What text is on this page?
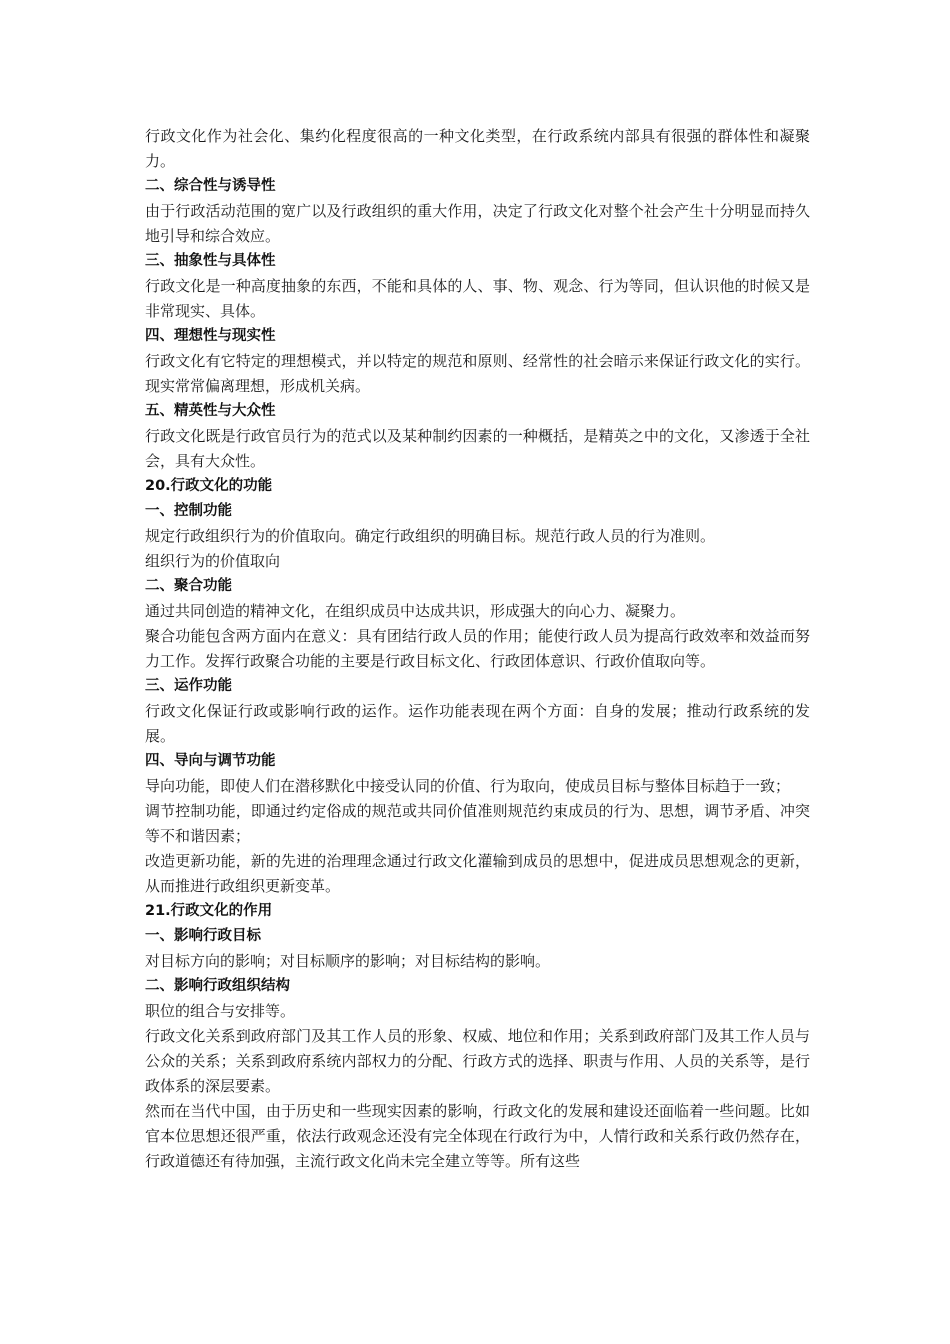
行政文化作为社会化、集约化程度很高的一种文化类型，在行政系统内部具有很强的群体性和凝聚力。

二、综合性与诱导性

由于行政活动范围的宽广以及行政组织的重大作用，决定了行政文化对整个社会产生十分明显而持久地引导和综合效应。

三、抽象性与具体性

行政文化是一种高度抽象的东西，不能和具体的人、事、物、观念、行为等同，但认识他的时候又是非常现实、具体。

四、理想性与现实性

行政文化有它特定的理想模式，并以特定的规范和原则、经常性的社会暗示来保证行政文化的实行。现实常常偏离理想，形成机关病。

五、精英性与大众性

行政文化既是行政官员行为的范式以及某种制约因素的一种概括，是精英之中的文化，又渗透于全社会，具有大众性。

20.行政文化的功能

一、控制功能

规定行政组织行为的价值取向。确定行政组织的明确目标。规范行政人员的行为准则。

组织行为的价值取向

二、聚合功能

通过共同创造的精神文化，在组织成员中达成共识，形成强大的向心力、凝聚力。

聚合功能包含两方面内在意义：具有团结行政人员的作用；能使行政人员为提高行政效率和效益而努力工作。发挥行政聚合功能的主要是行政目标文化、行政团体意识、行政价值取向等。

三、运作功能

行政文化保证行政或影响行政的运作。运作功能表现在两个方面：自身的发展；推动行政系统的发展。

四、导向与调节功能

导向功能，即使人们在潜移默化中接受认同的价值、行为取向，使成员目标与整体目标趋于一致；

调节控制功能，即通过约定俗成的规范或共同价值准则规范约束成员的行为、思想，调节矛盾、冲突等不和谐因素；

改造更新功能，新的先进的治理理念通过行政文化灌输到成员的思想中，促进成员思想观念的更新，从而推进行政组织更新变革。

21.行政文化的作用

一、影响行政目标

对目标方向的影响；对目标顺序的影响；对目标结构的影响。

二、影响行政组织结构

职位的组合与安排等。

行政文化关系到政府部门及其工作人员的形象、权威、地位和作用；关系到政府部门及其工作人员与公众的关系；关系到政府系统内部权力的分配、行政方式的选择、职责与作用、人员的关系等，是行政体系的深层要素。

然而在当代中国，由于历史和一些现实因素的影响，行政文化的发展和建设还面临着一些问题。比如官本位思想还很严重，依法行政观念还没有完全体现在行政行为中，人情行政和关系行政仍然存在，行政道德还有待加强，主流行政文化尚未完全建立等等。所有这些
